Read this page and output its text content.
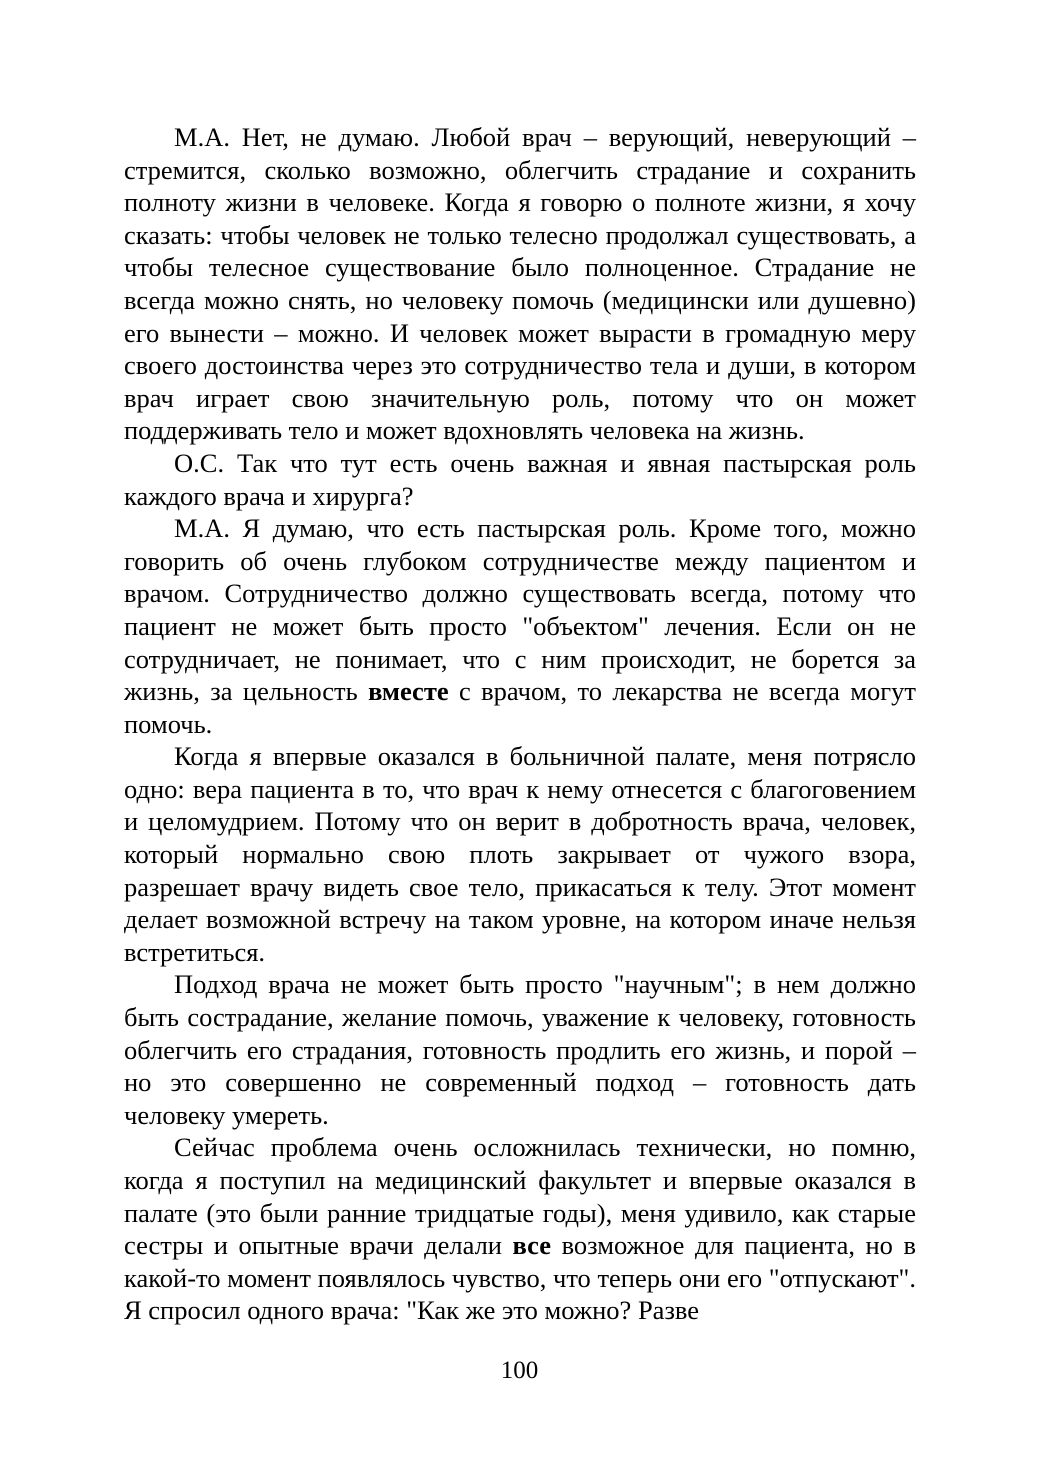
М.А. Нет, не думаю. Любой врач – верующий, неверующий – стремится, сколько возможно, облегчить страдание и сохранить полноту жизни в человеке. Когда я говорю о полноте жизни, я хочу сказать: чтобы человек не только телесно продолжал существовать, а чтобы телесное существование было полноценное. Страдание не всегда можно снять, но человеку помочь (медицински или душевно) его вынести – можно. И человек может вырасти в громадную меру своего достоинства через это сотрудничество тела и души, в котором врач играет свою значительную роль, потому что он может поддерживать тело и может вдохновлять человека на жизнь.

О.С. Так что тут есть очень важная и явная пастырская роль каждого врача и хирурга?

М.А. Я думаю, что есть пастырская роль. Кроме того, можно говорить об очень глубоком сотрудничестве между пациентом и врачом. Сотрудничество должно существовать всегда, потому что пациент не может быть просто "объектом" лечения. Если он не сотрудничает, не понимает, что с ним происходит, не борется за жизнь, за цельность вместе с врачом, то лекарства не всегда могут помочь.

Когда я впервые оказался в больничной палате, меня потрясло одно: вера пациента в то, что врач к нему отнесется с благоговением и целомудрием. Потому что он верит в добротность врача, человек, который нормально свою плоть закрывает от чужого взора, разрешает врачу видеть свое тело, прикасаться к телу. Этот момент делает возможной встречу на таком уровне, на котором иначе нельзя встретиться.

Подход врача не может быть просто "научным"; в нем должно быть сострадание, желание помочь, уважение к человеку, готовность облегчить его страдания, готовность продлить его жизнь, и порой – но это совершенно не современный подход – готовность дать человеку умереть.

Сейчас проблема очень осложнилась технически, но помню, когда я поступил на медицинский факультет и впервые оказался в палате (это были ранние тридцатые годы), меня удивило, как старые сестры и опытные врачи делали все возможное для пациента, но в какой-то момент появлялось чувство, что теперь они его "отпускают". Я спросил одного врача: "Как же это можно? Разве

100
